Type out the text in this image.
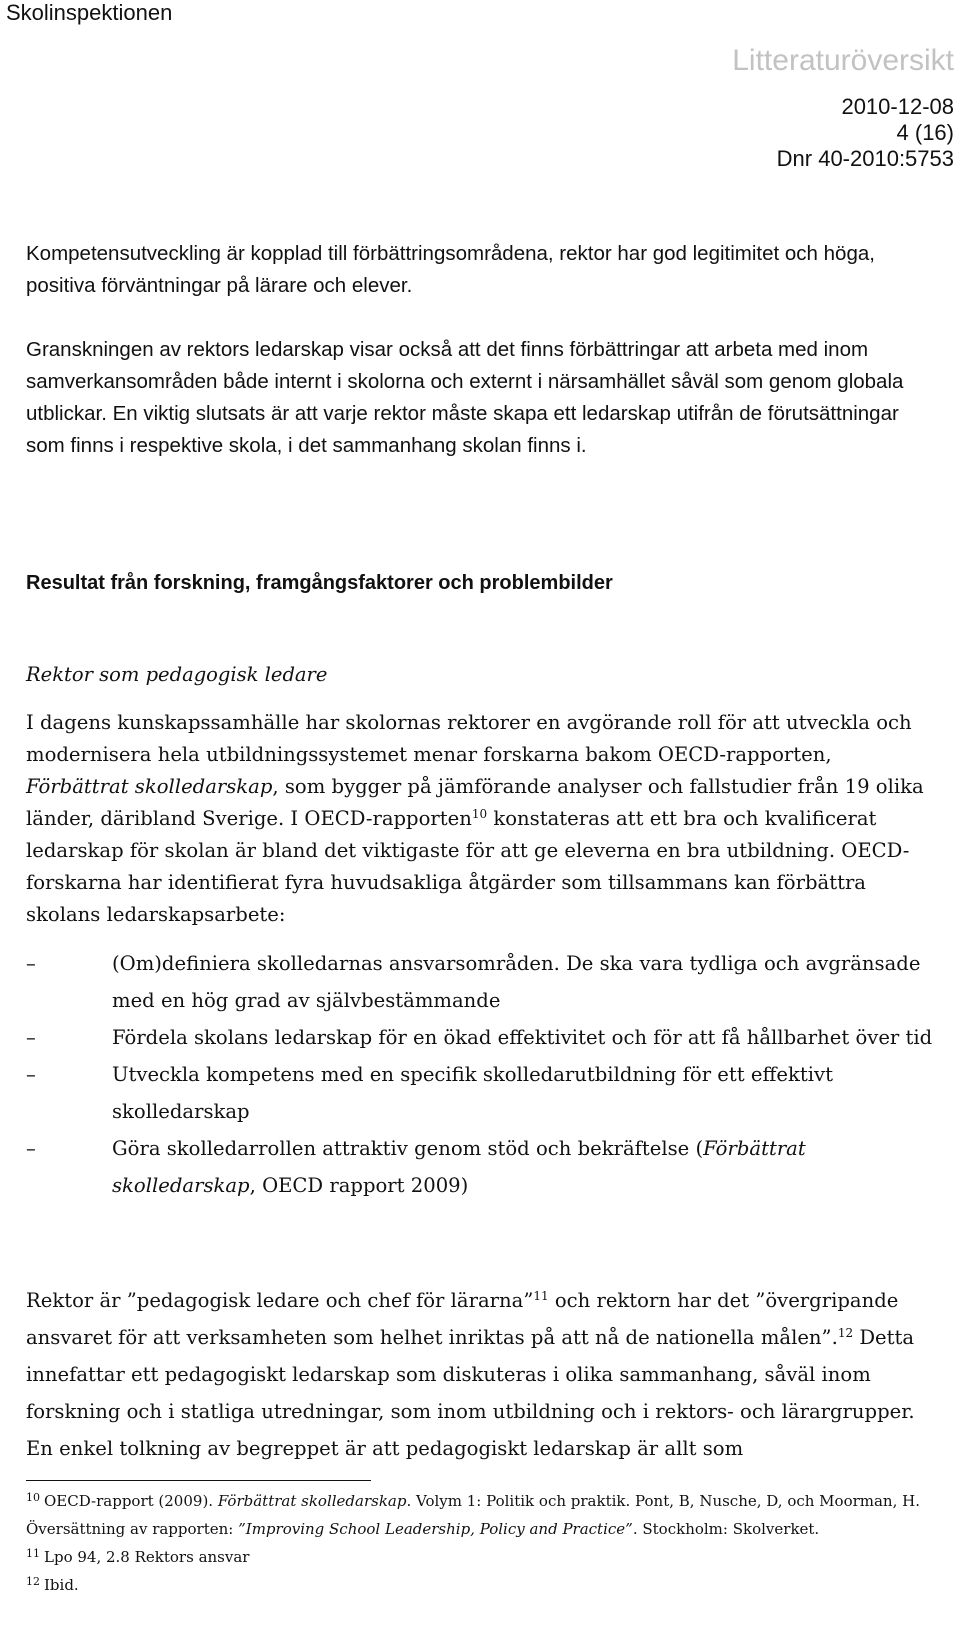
Skolinspektionen
Litteraturöversikt
2010-12-08
4 (16)
Dnr 40-2010:5753
Kompetensutveckling är kopplad till förbättringsområdena, rektor har god legitimitet och höga, positiva förväntningar på lärare och elever.
Granskningen av rektors ledarskap visar också att det finns förbättringar att arbeta med inom samverkansområden både internt i skolorna och externt i närsamhället såväl som genom globala utblickar. En viktig slutsats är att varje rektor måste skapa ett ledarskap utifrån de förutsättningar som finns i respektive skola, i det sammanhang skolan finns i.
Resultat från forskning, framgångsfaktorer och problembilder
Rektor som pedagogisk ledare
I dagens kunskapssamhälle har skolornas rektorer en avgörande roll för att utveckla och modernisera hela utbildningssystemet menar forskarna bakom OECD-rapporten, Förbättrat skolledarskap, som bygger på jämförande analyser och fallstudier från 19 olika länder, däribland Sverige. I OECD-rapporten$^{10}$ konstateras att ett bra och kvalificerat ledarskap för skolan är bland det viktigaste för att ge eleverna en bra utbildning. OECD-forskarna har identifierat fyra huvudsakliga åtgärder som tillsammans kan förbättra skolans ledarskapsarbete:
–	(Om)definiera skolledarnas ansvarsområden. De ska vara tydliga och avgränsade med en hög grad av självbestämmande
–	Fördela skolans ledarskap för en ökad effektivitet och för att få hållbarhet över tid
–	Utveckla kompetens med en specifik skolledarutbildning för ett effektivt skolledarskap
–	Göra skolledarrollen attraktiv genom stöd och bekräftelse (Förbättrat skolledarskap, OECD rapport 2009)
Rektor är ”pedagogisk ledare och chef för lärarna”$^{11}$ och rektorn har det ”övergripande ansvaret för att verksamheten som helhet inriktas på att nå de nationella målen”.$^{12}$ Detta innefattar ett pedagogiskt ledarskap som diskuteras i olika sammanhang, såväl inom forskning och i statliga utredningar, som inom utbildning och i rektors- och lärargrupper. En enkel tolkning av begreppet är att pedagogiskt ledarskap är allt som

$^{10}$ OECD-rapport (2009). Förbättrat skolledarskap. Volym 1: Politik och praktik. Pont, B, Nusche, D, och Moorman, H. Översättning av rapporten: ”Improving School Leadership, Policy and Practice”. Stockholm: Skolverket.

$^{11}$ Lpo 94, 2.8 Rektors ansvar

$^{12}$ Ibid.
